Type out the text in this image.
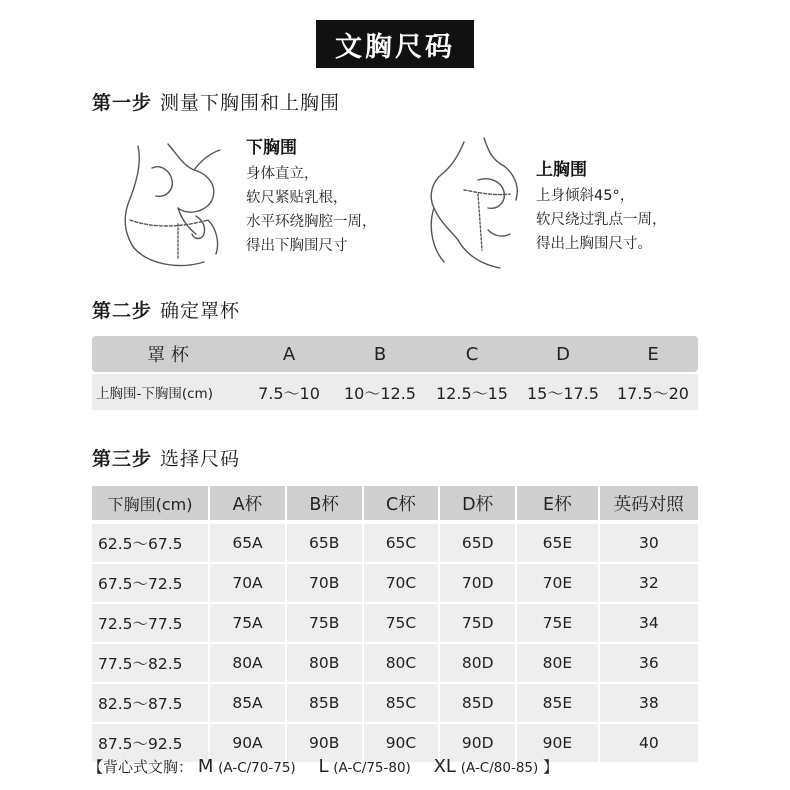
文胸尺码
第一步 测量下胸围和上胸围
下胸围
身体直立，
软尺紧贴乳根，
水平环绕胸腔一周，
得出下胸围尺寸
上胸围
上身倾斜45°，
软尺绕过乳点一周，
得出上胸围尺寸。
第二步 确定罩杯
罩 杯	A	B	C	D	E
上胸围-下胸围(cm)	7.5～10	10～12.5	12.5～15	15～17.5	17.5～20
第三步 选择尺码
下胸围(cm)	A杯	B杯	C杯	D杯	E杯	英码对照
62.5～67.5	65A	65B	65C	65D	65E	30
67.5～72.5	70A	70B	70C	70D	70E	32
72.5～77.5	75A	75B	75C	75D	75E	34
77.5～82.5	80A	80B	80C	80D	80E	36
82.5～87.5	85A	85B	85C	85D	85E	38
87.5～92.5	90A	90B	90C	90D	90E	40
【背心式文胸： M (A-C/70-75) L (A-C/75-80) XL (A-C/80-85) 】
